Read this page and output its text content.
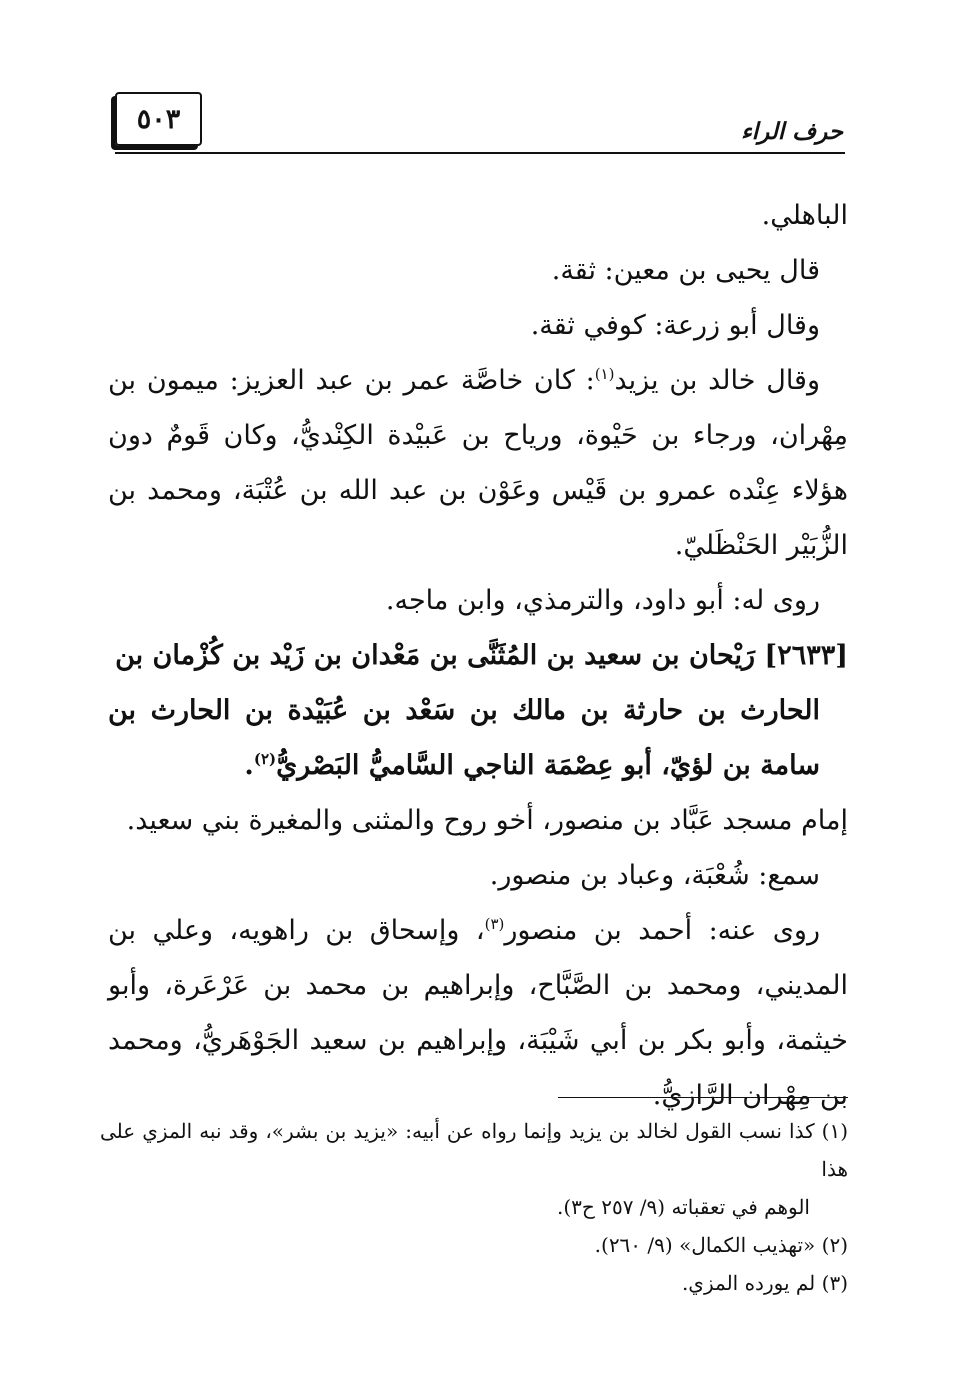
٥٠٣	حرف الراء

الباهلي.

قال يحيى بن معين: ثقة.

وقال أبو زرعة: كوفي ثقة.

وقال خالد بن يزيد$^{(١)}$: كان خاصَّة عمر بن عبد العزيز: ميمون بن مِهْران، ورجاء بن حَيْوة، ورياح بن عَبيْدة الكِنْديُّ، وكان قَومٌ دون هؤلاء عِنْده عمرو بن قَيْس وعَوْن بن عبد الله بن عُتْبَة، ومحمد بن الزُّبَيْر الحَنْظَليّ.

روى له: أبو داود، والترمذي، وابن ماجه.

[٢٦٣٣] رَيْحان بن سعيد بن المُثَنَّى بن مَعْدان بن زَيْد بن كُزْمان بن
الحارث بن حارثة بن مالك بن سَعْد بن عُبَيْدة بن الحارث بن سامة بن لؤيّ، أبو عِصْمَة الناجي السَّاميُّ البَصْريُّ$^{(٢)}$.

إمام مسجد عَبَّاد بن منصور، أخو روح والمثنى والمغيرة بني سعيد.

سمع: شُعْبَة، وعباد بن منصور.

روى عنه: أحمد بن منصور$^{(٣)}$، وإسحاق بن راهويه، وعلي بن المديني، ومحمد بن الصَّبَّاح، وإبراهيم بن محمد بن عَرْعَرة، وأبو خيثمة، وأبو بكر بن أبي شَيْبَة، وإبراهيم بن سعيد الجَوْهَريُّ، ومحمد بن مِهْران الرَّازيُّ.

(١) كذا نسب القول لخالد بن يزيد وإنما رواه عن أبيه: «يزيد بن بشر»، وقد نبه المزي على هذا

الوهم في تعقباته (٩/ ٢٥٧ ح٣).

(٢) «تهذيب الكمال» (٩/ ٢٦٠).

(٣) لم يورده المزي.
